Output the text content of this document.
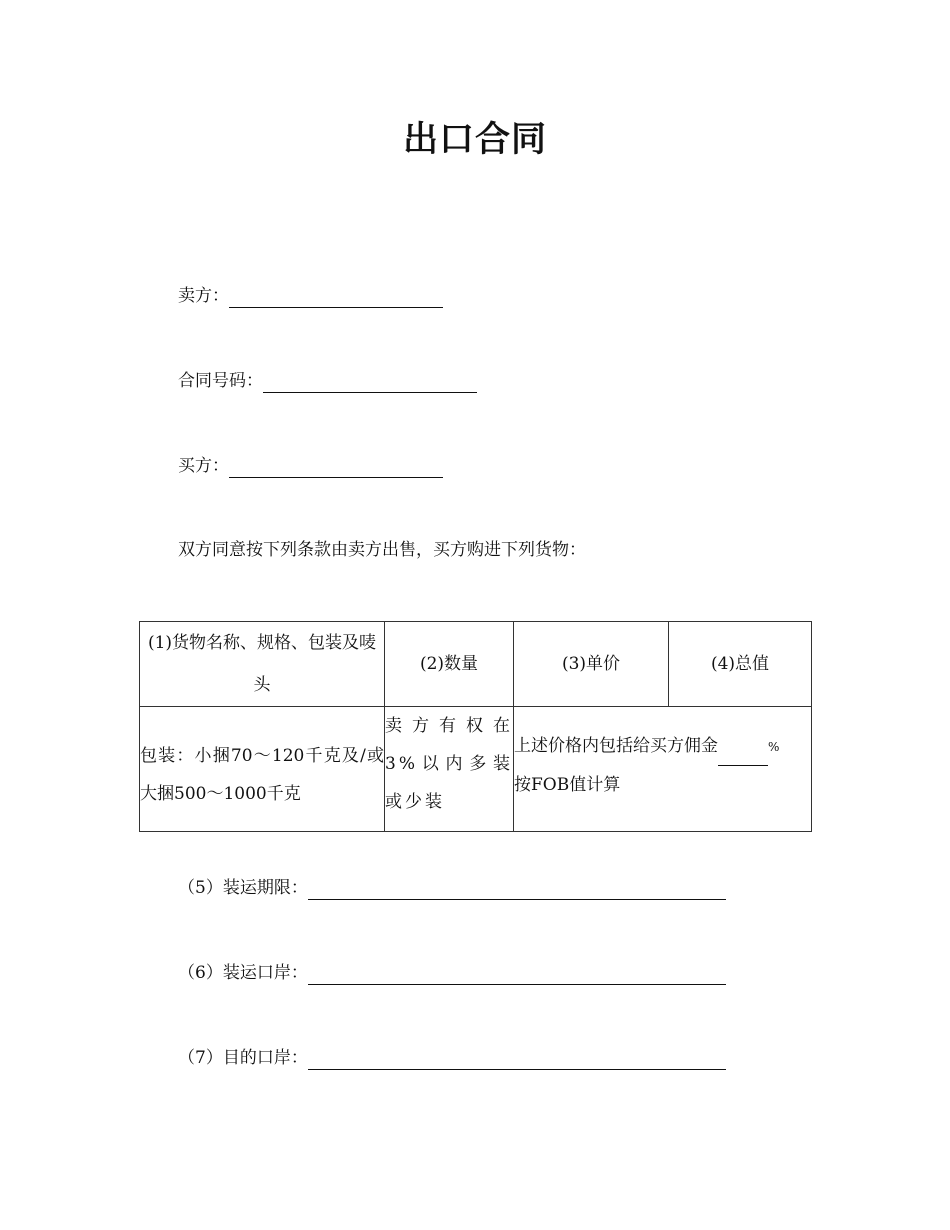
出口合同
卖方：
合同号码：
买方：
双方同意按下列条款由卖方出售，买方购进下列货物：
(1)货物名称、规格、包装及唛头	(2)数量	(3)单价	(4)总值

包装：小捆70～120千克及/或大捆500～1000千克	卖方有权在3%以内多装或少装	上述价格内包括给买方佣金 %
按FOB值计算	
（5）装运期限：
（6）装运口岸：
（7）目的口岸：
